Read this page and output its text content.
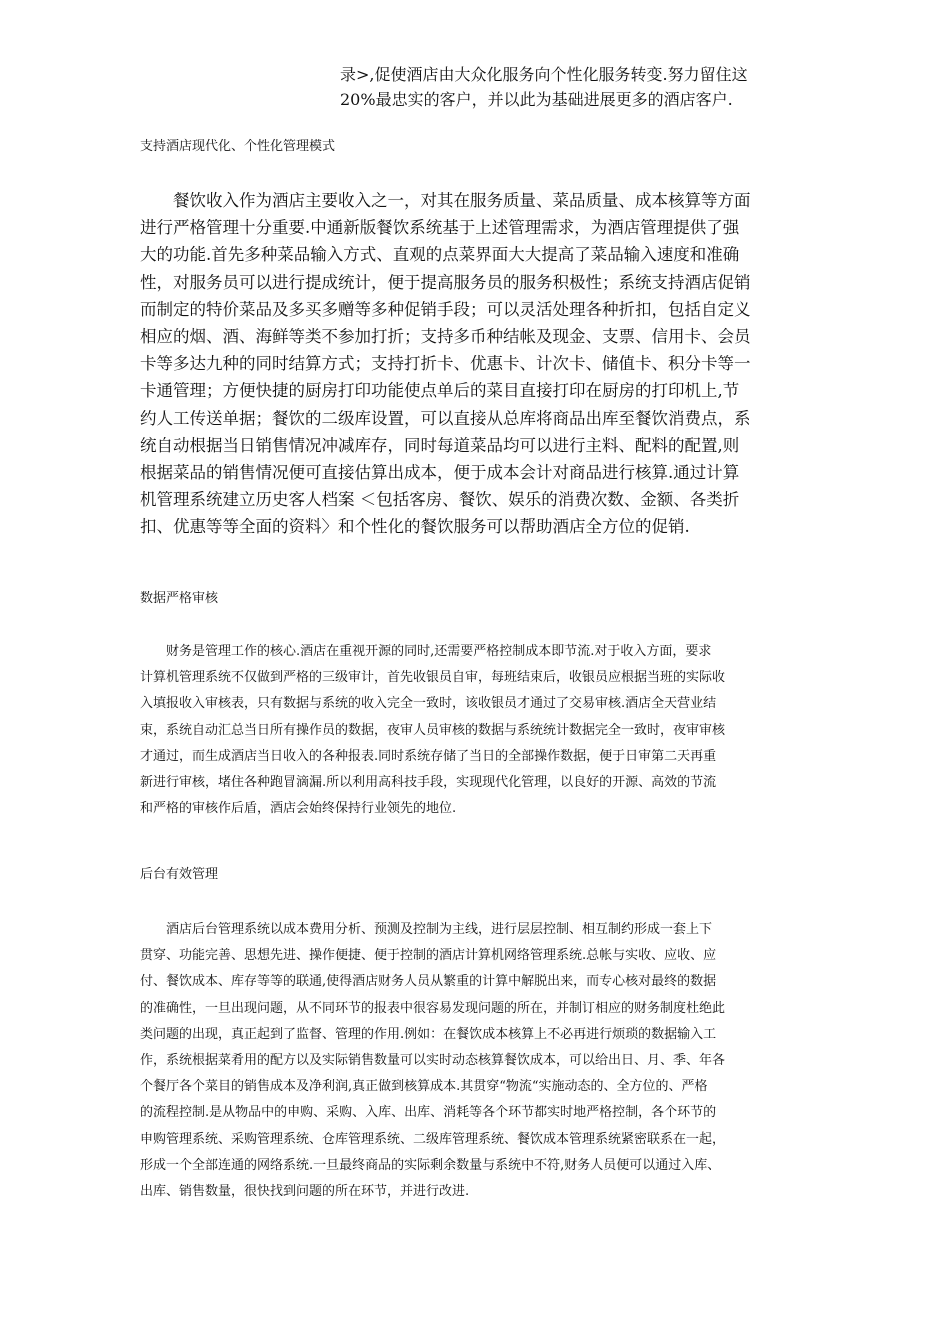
录>,促使酒店由大众化服务向个性化服务转变.努力留住这

20%最忠实的客户，并以此为基础进展更多的酒店客户.

支持酒店现代化、个性化管理模式
　　餐饮收入作为酒店主要收入之一，对其在服务质量、菜品质量、成本核算等方面
进行严格管理十分重要.中通新版餐饮系统基于上述管理需求，为酒店管理提供了强
大的功能.首先多种菜品输入方式、直观的点菜界面大大提高了菜品输入速度和准确
性，对服务员可以进行提成统计，便于提高服务员的服务积极性；系统支持酒店促销
而制定的特价菜品及多买多赠等多种促销手段；可以灵活处理各种折扣，包括自定义
相应的烟、酒、海鲜等类不参加打折；支持多币种结帐及现金、支票、信用卡、会员
卡等多达九种的同时结算方式；支持打折卡、优惠卡、计次卡、储值卡、积分卡等一
卡通管理；方便快捷的厨房打印功能使点单后的菜目直接打印在厨房的打印机上,节
约人工传送单据；餐饮的二级库设置，可以直接从总库将商品出库至餐饮消费点，系
统自动根据当日销售情况冲减库存，同时每道菜品均可以进行主料、配料的配置,则
根据菜品的销售情况便可直接估算出成本，便于成本会计对商品进行核算.通过计算
机管理系统建立历史客人档案 ＜包括客房、餐饮、娱乐的消费次数、金额、各类折
扣、优惠等等全面的资料〉和个性化的餐饮服务可以帮助酒店全方位的促销.
数据严格审核
　　财务是管理工作的核心.酒店在重视开源的同时,还需要严格控制成本即节流.对于收入方面，要求
计算机管理系统不仅做到严格的三级审计，首先收银员自审，每班结束后，收银员应根据当班的实际收
入填报收入审核表，只有数据与系统的收入完全一致时，该收银员才通过了交易审核.酒店全天营业结
束，系统自动汇总当日所有操作员的数据，夜审人员审核的数据与系统统计数据完全一致时，夜审审核
才通过，而生成酒店当日收入的各种报表.同时系统存储了当日的全部操作数据，便于日审第二天再重
新进行审核，堵住各种跑冒滴漏.所以利用高科技手段，实现现代化管理，以良好的开源、高效的节流
和严格的审核作后盾，酒店会始终保持行业领先的地位.
后台有效管理
　　酒店后台管理系统以成本费用分析、预测及控制为主线，进行层层控制、相互制约形成一套上下
贯穿、功能完善、思想先进、操作便捷、便于控制的酒店计算机网络管理系统.总帐与实收、应收、应
付、餐饮成本、库存等等的联通,使得酒店财务人员从繁重的计算中解脱出来，而专心核对最终的数据
的准确性，一旦出现问题，从不同环节的报表中很容易发现问题的所在，并制订相应的财务制度杜绝此
类问题的出现，真正起到了监督、管理的作用.例如：在餐饮成本核算上不必再进行烦琐的数据输入工
作，系统根据菜肴用的配方以及实际销售数量可以实时动态核算餐饮成本，可以给出日、月、季、年各
个餐厅各个菜目的销售成本及净利润,真正做到核算成本.其贯穿“物流“实施动态的、全方位的、严格
的流程控制.是从物品中的申购、采购、入库、出库、消耗等各个环节都实时地严格控制，各个环节的
申购管理系统、采购管理系统、仓库管理系统、二级库管理系统、餐饮成本管理系统紧密联系在一起，
形成一个全部连通的网络系统.一旦最终商品的实际剩余数量与系统中不符,财务人员便可以通过入库、
出库、销售数量，很快找到问题的所在环节，并进行改进.
